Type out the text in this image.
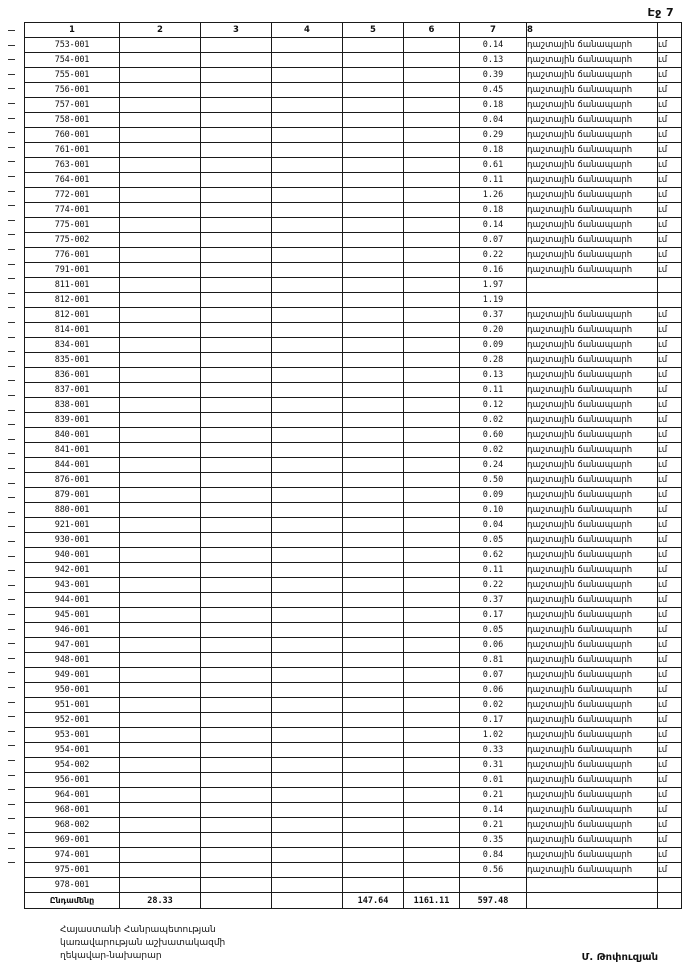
Էջ 7
1	2	3	4	5	6	7	8	
753-001						0.14	դաշտային ճանապարհ	ւմ
754-001						0.13	դաշտային ճանապարհ	ւմ
755-001						0.39	դաշտային ճանապարհ	ւմ
756-001						0.45	դաշտային ճանապարհ	ւմ
757-001						0.18	դաշտային ճանապարհ	ւմ
758-001						0.04	դաշտային ճանապարհ	ւմ
760-001						0.29	դաշտային ճանապարհ	ւմ
761-001						0.18	դաշտային ճանապարհ	ւմ
763-001						0.61	դաշտային ճանապարհ	ւմ
764-001						0.11	դաշտային ճանապարհ	ւմ
772-001						1.26	դաշտային ճանապարհ	ւմ
774-001						0.18	դաշտային ճանապարհ	ւմ
775-001						0.14	դաշտային ճանապարհ	ւմ
775-002						0.07	դաշտային ճանապարհ	ւմ
776-001						0.22	դաշտային ճանապարհ	ւմ
791-001						0.16	դաշտային ճանապարհ	ւմ
811-001						1.97		
812-001						1.19		
812-001						0.37	դաշտային ճանապարհ	ւմ
814-001						0.20	դաշտային ճանապարհ	ւմ
834-001						0.09	դաշտային ճանապարհ	ւմ
835-001						0.28	դաշտային ճանապարհ	ւմ
836-001						0.13	դաշտային ճանապարհ	ւմ
837-001						0.11	դաշտային ճանապարհ	ւմ
838-001						0.12	դաշտային ճանապարհ	ւմ
839-001						0.02	դաշտային ճանապարհ	ւմ
840-001						0.60	դաշտային ճանապարհ	ւմ
841-001						0.02	դաշտային ճանապարհ	ւմ
844-001						0.24	դաշտային ճանապարհ	ւմ
876-001						0.50	դաշտային ճանապարհ	ւմ
879-001						0.09	դաշտային ճանապարհ	ւմ
880-001						0.10	դաշտային ճանապարհ	ւմ
921-001						0.04	դաշտային ճանապարհ	ւմ
930-001						0.05	դաշտային ճանապարհ	ւմ
940-001						0.62	դաշտային ճանապարհ	ւմ
942-001						0.11	դաշտային ճանապարհ	ւմ
943-001						0.22	դաշտային ճանապարհ	ւմ
944-001						0.37	դաշտային ճանապարհ	ւմ
945-001						0.17	դաշտային ճանապարհ	ւմ
946-001						0.05	դաշտային ճանապարհ	ւմ
947-001						0.06	դաշտային ճանապարհ	ւմ
948-001						0.81	դաշտային ճանապարհ	ւմ
949-001						0.07	դաշտային ճանապարհ	ւմ
950-001						0.06	դաշտային ճանապարհ	ւմ
951-001						0.02	դաշտային ճանապարհ	ւմ
952-001						0.17	դաշտային ճանապարհ	ւմ
953-001						1.02	դաշտային ճանապարհ	ւմ
954-001						0.33	դաշտային ճանապարհ	ւմ
954-002						0.31	դաշտային ճանապարհ	ւմ
956-001						0.01	դաշտային ճանապարհ	ւմ
964-001						0.21	դաշտային ճանապարհ	ւմ
968-001						0.14	դաշտային ճանապարհ	ւմ
968-002						0.21	դաշտային ճանապարհ	ւմ
969-001						0.35	դաշտային ճանապարհ	ւմ
974-001						0.84	դաշտային ճանապարհ	ւմ
975-001						0.56	դաշտային ճանապարհ	ւմ
978-001								
Ընդամենը	28.33			147.64	1161.11	597.48		
Հայաստանի Հանրապետության
կառավարության աշխատակազմի
ղեկավար-նախարար	Մ. Թոփուզյան
